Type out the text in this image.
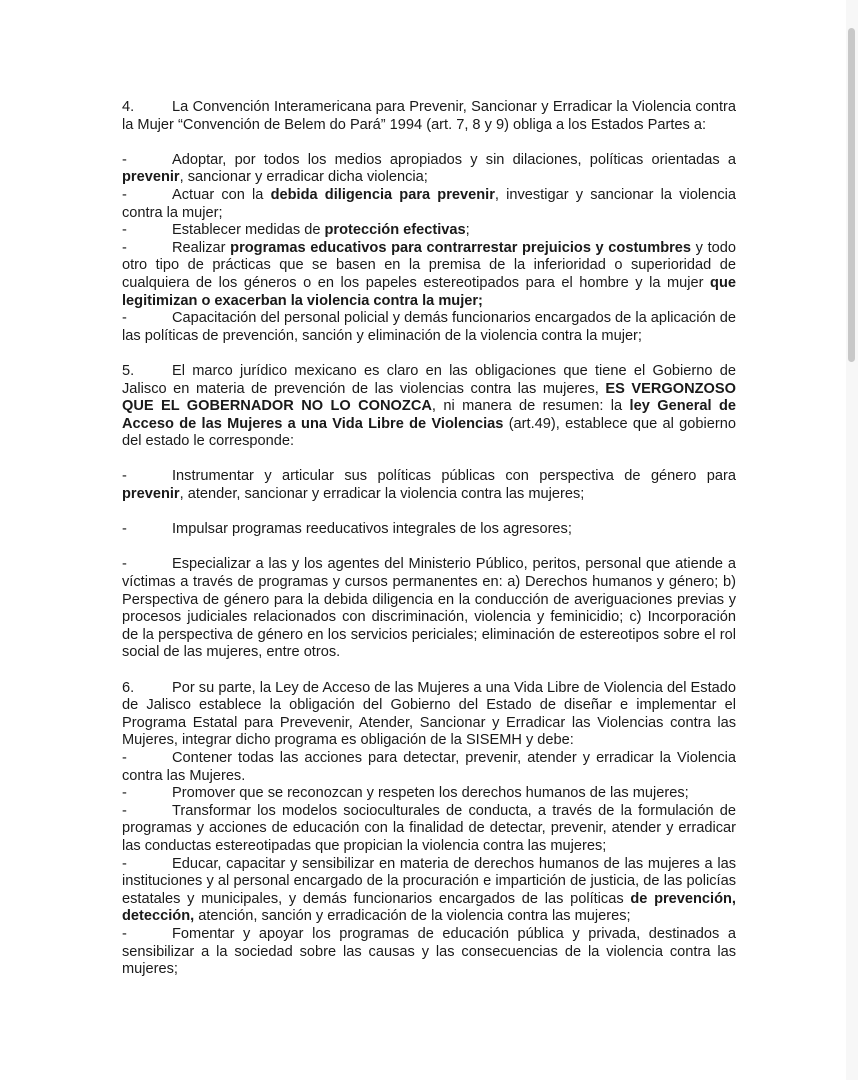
4.	La Convención Interamericana para Prevenir, Sancionar y Erradicar la Violencia contra la Mujer “Convención de Belem do Pará” 1994 (art. 7, 8 y 9) obliga a los Estados Partes a:

-	Adoptar, por todos los medios apropiados y sin dilaciones, políticas orientadas a prevenir, sancionar y erradicar dicha violencia;

-	Actuar con la debida diligencia para prevenir, investigar y sancionar la violencia contra la mujer;

-	Establecer medidas de protección efectivas;

-	Realizar programas educativos para contrarrestar prejuicios y costumbres y todo otro tipo de prácticas que se basen en la premisa de la inferioridad o superioridad de cualquiera de los géneros o en los papeles estereotipados para el hombre y la mujer que legitimizan o exacerban la violencia contra la mujer;

-	Capacitación del personal policial y demás funcionarios encargados de la aplicación de las políticas de prevención, sanción y eliminación de la violencia contra la mujer;

5.	El marco jurídico mexicano es claro en las obligaciones que tiene el Gobierno de Jalisco en materia de prevención de las violencias contra las mujeres, ES VERGONZOSO QUE EL GOBERNADOR NO LO CONOZCA, ni manera de resumen: la ley General de Acceso de las Mujeres a una Vida Libre de Violencias (art.49), establece que al gobierno del estado le corresponde:

-	Instrumentar y articular sus políticas públicas con perspectiva de género para prevenir, atender, sancionar y erradicar la violencia contra las mujeres;

-	Impulsar programas reeducativos integrales de los agresores;

-	Especializar a las y los agentes del Ministerio Público, peritos, personal que atiende a víctimas a través de programas y cursos permanentes en: a) Derechos humanos y género; b) Perspectiva de género para la debida diligencia en la conducción de averiguaciones previas y procesos judiciales relacionados con discriminación, violencia y feminicidio; c) Incorporación de la perspectiva de género en los servicios periciales; eliminación de estereotipos sobre el rol social de las mujeres, entre otros.

6.	Por su parte, la Ley de Acceso de las Mujeres a una Vida Libre de Violencia del Estado de Jalisco establece la obligación del Gobierno del Estado de diseñar e implementar el Programa Estatal para Prevevenir, Atender, Sancionar y Erradicar las Violencias contra las Mujeres, integrar dicho programa es obligación de la SISEMH y debe:

-	Contener todas las acciones para detectar, prevenir, atender y erradicar la Violencia contra las Mujeres.

-	Promover que se reconozcan y respeten los derechos humanos de las mujeres;

-	Transformar los modelos socioculturales de conducta, a través de la formulación de programas y acciones de educación con la finalidad de detectar, prevenir, atender y erradicar las conductas estereotipadas que propician la violencia contra las mujeres;

-	Educar, capacitar y sensibilizar en materia de derechos humanos de las mujeres a las instituciones y al personal encargado de la procuración e impartición de justicia, de las policías estatales y municipales, y demás funcionarios encargados de las políticas de prevención, detección, atención, sanción y erradicación de la violencia contra las mujeres;

-	Fomentar y apoyar los programas de educación pública y privada, destinados a sensibilizar a la sociedad sobre las causas y las consecuencias de la violencia contra las mujeres;
